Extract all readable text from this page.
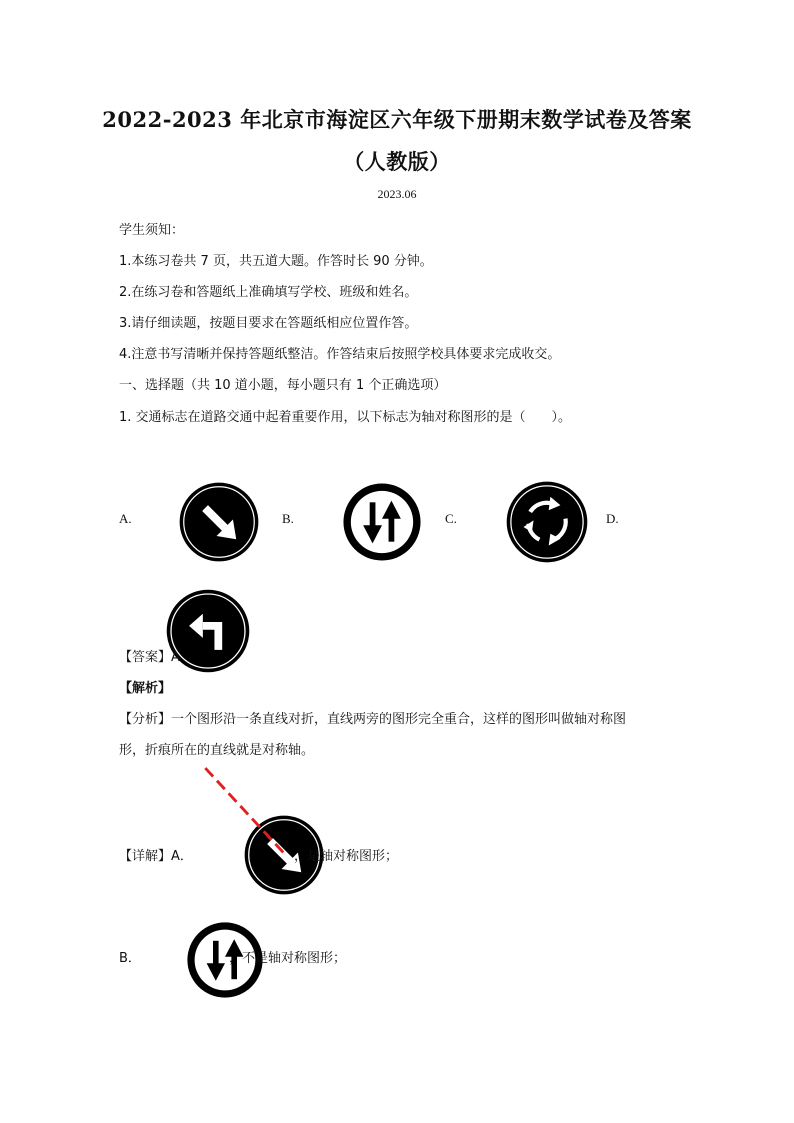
2022-2023 年北京市海淀区六年级下册期末数学试卷及答案
（人教版）
2023.06
学生须知：
1.本练习卷共 7 页，共五道大题。作答时长 90 分钟。
2.在练习卷和答题纸上准确填写学校、班级和姓名。
3.请仔细读题，按题目要求在答题纸相应位置作答。
4.注意书写清晰并保持答题纸整洁。作答结束后按照学校具体要求完成收交。
一、选择题（共 10 道小题，每小题只有 1 个正确选项）
1. 交通标志在道路交通中起着重要作用，以下标志为轴对称图形的是（　　）。
A.	B.	C.	D.
【答案】A
【解析】
【分析】一个图形沿一条直线对折，直线两旁的图形完全重合，这样的图形叫做轴对称图
形，折痕所在的直线就是对称轴。
【详解】A．	，是轴对称图形；
B．	，不是轴对称图形；
